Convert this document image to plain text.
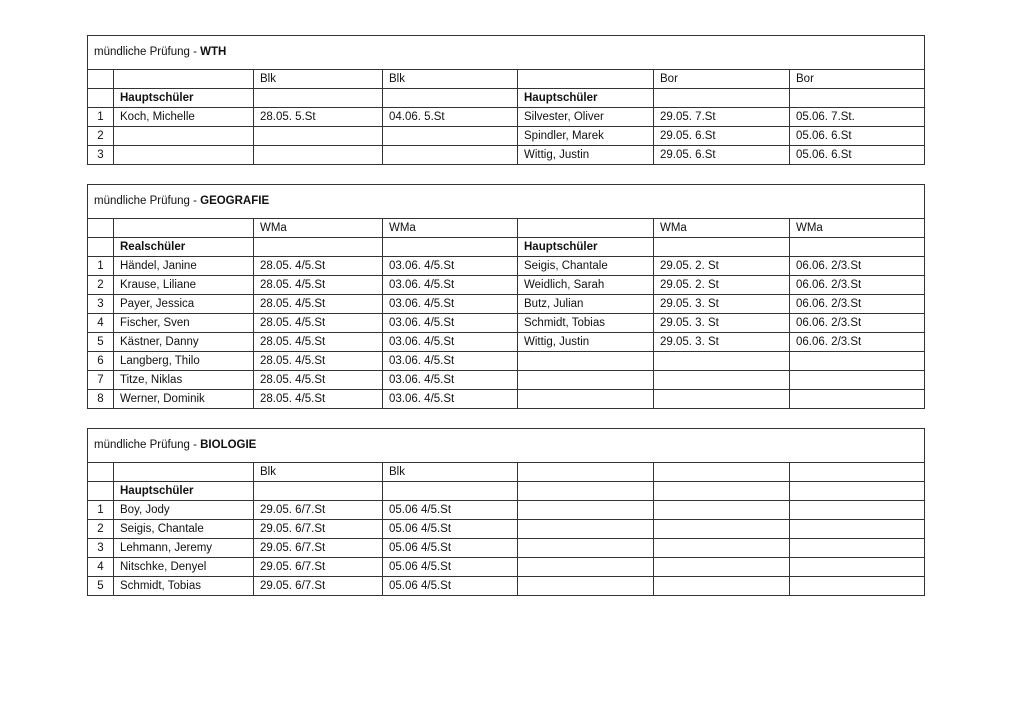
mündliche Prüfung - WTH						
		Blk	Blk		Bor	Bor
	Hauptschüler			Hauptschüler		
1	Koch, Michelle	28.05. 5.St	04.06. 5.St	Silvester, Oliver	29.05. 7.St	05.06. 7.St.
2				Spindler, Marek	29.05. 6.St	05.06. 6.St
3				Wittig, Justin	29.05. 6.St	05.06. 6.St
mündliche Prüfung - GEOGRAFIE						
		WMa	WMa		WMa	WMa
	Realschüler			Hauptschüler		
1	Händel, Janine	28.05. 4/5.St	03.06. 4/5.St	Seigis, Chantale	29.05. 2. St	06.06. 2/3.St
2	Krause, Liliane	28.05. 4/5.St	03.06. 4/5.St	Weidlich, Sarah	29.05. 2. St	06.06. 2/3.St
3	Payer, Jessica	28.05. 4/5.St	03.06. 4/5.St	Butz, Julian	29.05. 3. St	06.06. 2/3.St
4	Fischer, Sven	28.05. 4/5.St	03.06. 4/5.St	Schmidt, Tobias	29.05. 3. St	06.06. 2/3.St
5	Kästner, Danny	28.05. 4/5.St	03.06. 4/5.St	Wittig, Justin	29.05. 3. St	06.06. 2/3.St
6	Langberg, Thilo	28.05. 4/5.St	03.06. 4/5.St			
7	Titze, Niklas	28.05. 4/5.St	03.06. 4/5.St			
8	Werner, Dominik	28.05. 4/5.St	03.06. 4/5.St			
mündliche Prüfung - BIOLOGIE						
		Blk	Blk			
	Hauptschüler					
1	Boy, Jody	29.05. 6/7.St	05.06 4/5.St			
2	Seigis, Chantale	29.05. 6/7.St	05.06 4/5.St			
3	Lehmann, Jeremy	29.05. 6/7.St	05.06 4/5.St			
4	Nitschke, Denyel	29.05. 6/7.St	05.06 4/5.St			
5	Schmidt, Tobias	29.05. 6/7.St	05.06 4/5.St			
